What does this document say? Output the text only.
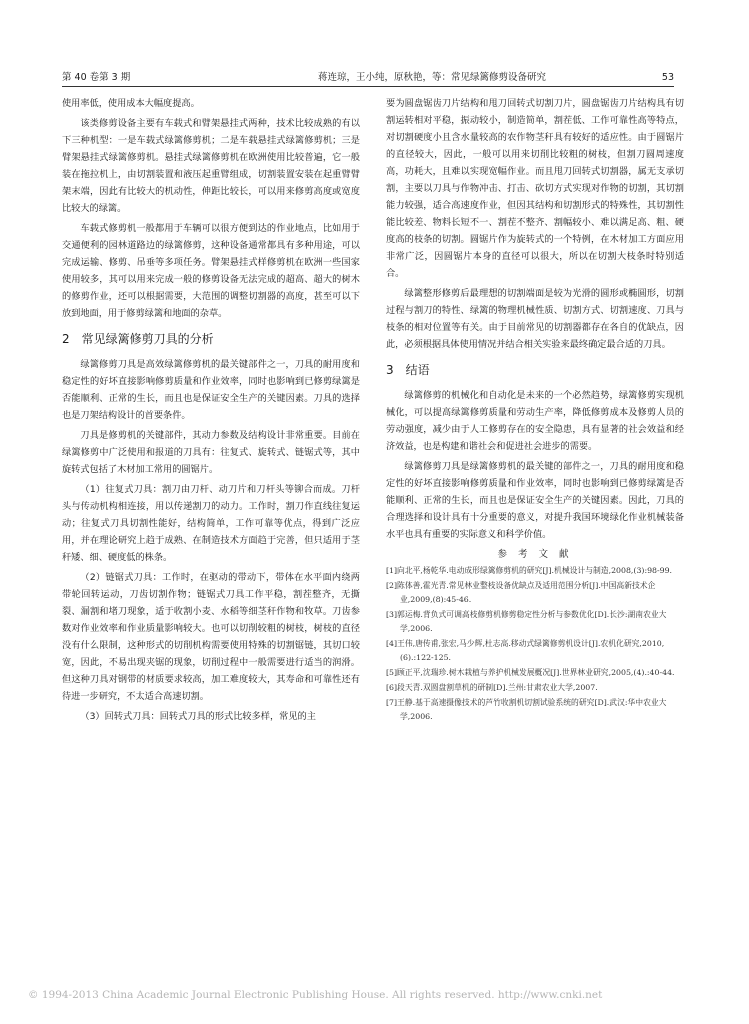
第 40 卷第 3 期	蒋连琼，王小纯，原秋艳，等：常见绿篱修剪设备研究	53

使用率低，使用成本大幅度提高。

该类修剪设备主要有车载式和臂架悬挂式两种，技术比较成熟的有以下三种机型：一是车载式绿篱修剪机；二是车载悬挂式绿篱修剪机；三是臂架悬挂式绿篱修剪机。悬挂式绿篱修剪机在欧洲使用比较普遍，它一般装在拖拉机上，由切割装置和液压起重臂组成，切割装置安装在起重臂臂架末端，因此有比较大的机动性，伸距比较长，可以用来修剪高度或宽度比较大的绿篱。

车载式修剪机一般都用于车辆可以很方便到达的作业地点，比如用于交通便利的园林道路边的绿篱修剪，这种设备通常都具有多种用途，可以完成运输、修剪、吊垂等多项任务。臂架悬挂式样修剪机在欧洲一些国家使用较多，其可以用来完成一般的修剪设备无法完成的超高、超大的树木的修剪作业，还可以根据需要，大范围的调整切割器的高度，甚至可以下放到地面，用于修剪绿篱和地面的杂草。

2 常见绿篱修剪刀具的分析

绿篱修剪刀具是高效绿篱修剪机的最关键部件之一，刀具的耐用度和稳定性的好坏直接影响修剪质量和作业效率，同时也影响到已修剪绿篱是否能顺利、正常的生长，而且也是保证安全生产的关键因素。刀具的选择也是刀架结构设计的首要条件。

刀具是修剪机的关键部件，其动力参数及结构设计非常重要。目前在绿篱修剪中广泛使用和报道的刀具有：往复式、旋转式、链锯式等，其中旋转式包括了木材加工常用的圆锯片。

（1）往复式刀具：割刀由刀杆、动刀片和刀杆头等铆合而成。刀杆头与传动机构相连接，用以传递割刀的动力。工作时，割刀作直线往复运动；往复式刀具切割性能好，结构简单，工作可靠等优点，得到广泛应用，并在理论研究上趋于成熟、在制造技术方面趋于完善，但只适用于茎秆矮、细、硬度低的株条。

（2）链锯式刀具：工作时，在驱动的带动下，带体在水平面内绕两带轮回转运动，刀齿切割作物；链锯式刀具工作平稳，割茬整齐，无撕裂、漏割和堵刀现象，适于收割小麦、水稻等细茎秆作物和牧草。刀齿参数对作业效率和作业质量影响较大。也可以切削较粗的树枝，树枝的直径没有什么限制，这种形式的切削机构需要使用特殊的切割锯链，其切口较宽，因此，不易出现夹锯的现象，切削过程中一般需要进行适当的润滑。但这种刀具对钢带的材质要求较高，加工难度较大，其寿命和可靠性还有待进一步研究，不太适合高速切割。

（3）回转式刀具：回转式刀具的形式比较多样，常见的主

要为圆盘锯齿刀片结构和甩刀回转式切割刀片，圆盘锯齿刀片结构具有切割运转相对平稳，振动较小，制造简单，割茬低、工作可靠性高等特点，对切割硬度小且含水量较高的农作物茎秆具有较好的适应性。由于圆锯片的直径较大，因此，一般可以用来切削比较粗的树枝，但割刀圆周速度高，功耗大，且难以实现宽幅作业。而且甩刀回转式切割器，属无支承切割，主要以刀具与作物冲击、打击、砍切方式实现对作物的切割，其切割能力较强，适合高速度作业，但因其结构和切割形式的特殊性，其切割性能比较差、物料长短不一、割茬不整齐、割幅较小、难以满足高、粗、硬度高的枝条的切割。圆锯片作为旋转式的一个特例，在木材加工方面应用非常广泛，因圆锯片本身的直径可以很大，所以在切割大枝条时特别适合。

绿篱整形修剪后最理想的切割端面是较为光滑的圆形或椭圆形，切割过程与割刀的特性、绿篱的物理机械性质、切割方式、切割速度、刀具与枝条的相对位置等有关。由于目前常见的切割器都存在各自的优缺点，因此，必须根据具体使用情况并结合相关实验来最终确定最合适的刀具。

3 结语

绿篱修剪的机械化和自动化是未来的一个必然趋势，绿篱修剪实现机械化，可以提高绿篱修剪质量和劳动生产率，降低修剪成本及修剪人员的劳动强度，减少由于人工修剪存在的安全隐患，具有显著的社会效益和经济效益，也是构建和谐社会和促进社会进步的需要。

绿篱修剪刀具是绿篱修剪机的最关键的部件之一，刀具的耐用度和稳定性的好坏直接影响修剪质量和作业效率，同时也影响到已修剪绿篱是否能顺利、正常的生长，而且也是保证安全生产的关键因素。因此，刀具的合理选择和设计具有十分重要的意义，对提升我国环境绿化作业机械装备水平也具有重要的实际意义和科学价值。

参 考 文 献
[1]向北平,杨乾华.电动成形绿篱修剪机的研究[J].机械设计与制造,2008,(3):98-99.
[2]陈体善,霍光青.常见林业整枝设备优缺点及适用范围分析[J].中国高新技术企业,2009,(8):45-46.
[3]郭运梅.背负式可调高枝修剪机修剪稳定性分析与参数优化[D].长沙:湖南农业大学,2006.
[4]王伟,唐传甫,张宏,马少辉,杜志高.移动式绿篱修剪机设计[J].农机化研究,2010,(6).:122-125.
[5]顾正平,沈瑞珍.树木栽植与养护机械发展概况[J].世界林业研究,2005,(4).:40-44.
[6]段天青.双圆盘割草机的研制[D].兰州:甘肃农业大学,2007.
[7]王静.基于高速摄像技术的芦竹收割机切割试验系统的研究[D].武汉:华中农业大学,2006.
© 1994-2013 China Academic Journal Electronic Publishing House. All rights reserved. http://www.cnki.net
